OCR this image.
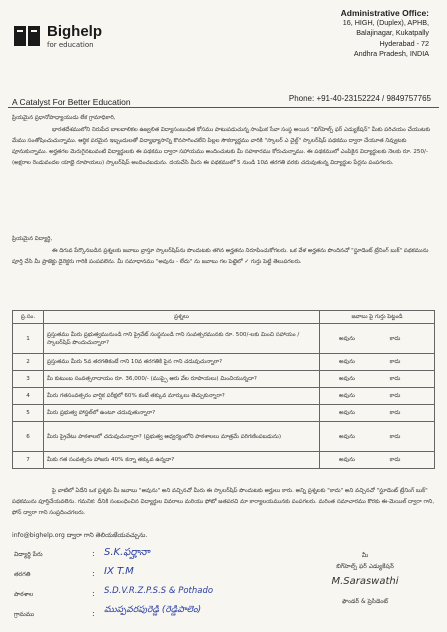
Bighelp
for education
A Catalyst For Better Education
Administrative Office:
16, HIGH, (Duplex), APHB,
Balajinagar, Kukatpally
Hyderabad - 72
Andhra Pradesh, INDIA
Phone: +91-40-23152224 / 9849757765
ప్రియమైన ప్రధానోపాధ్యాయుడు లేక గ్రామాధికారి,
భారతదేశములోని నిరుపేద బాలబాలికల ఉజ్వలిత విద్యాసంబంధిత కోసము పాటుపడుచున్న సాంఘిక సేవా సంస్థ అయిన "బిగ్‌హెల్ప్ ఫర్ ఎడ్యుకేషన్" మీకు పరిచయం చేయుటకు మేము సంతోషించుచున్నాము. ఆర్థిక పరమైన ఇబ్బందులతో విద్యాభ్యాసాన్ని కొనసాగించలేని పిల్లల సౌకర్యార్థము వారికి "స్కాలర్ ఎ చైల్డ్" స్కాలర్‌షిప్ పథకము ద్వారా చేయూత నివ్వుటకు పూనుకున్నాము. అర్హతగల మెరుగైనటువంటి విద్యార్థులకు ఈ పథకము ద్వారా సహాయము అందించుటకు మీ సహకారము కోరుచున్నాము. ఈ పథకములో ఎంపికైన విద్యార్థులకు నెలకు రూ. 250/- (అక్షరాల రెండువందల యాభై రూపాయలు) స్కాలర్‌షిప్ అందించబడును. దయచేసి మీరు ఈ పథకములో 5 నుండి 10వ తరగతి వరకు చదువుతున్న విద్యార్థుల పేర్లను పంపగలరు.
ప్రియమైన విద్యార్థి,
ఈ దిగువ పేర్కొనబడిన ప్రశ్నలకు జవాబు వ్రాస్తూ స్కాలర్‌షిప్‌ను పొందుటకు తగిన అర్హతను నిరూపించుకోగలరు. ఒక వేళ అర్హతను పొందినచో "స్టూడెంట్ ట్రేనింగ్ బుక్" పథకమును పూర్తి చేసి మీ ప్రాజెక్టు డైరెక్టరు గారికి పంపవలెను. మీ సమాధానము "అవును - లేదు" ను జవాబు గల పెట్టెలో ✓ గుర్తు పెట్టి తెలుపగలరు.
ప్ర.సం.	ప్రశ్నలు	జవాబు పై గుర్తు పెట్టండి
1	ప్రస్తుతము మీరు ప్రభుత్వమునుండి గాని ప్రైవేట్ సంస్థనుండి గాని సంవత్సరమునకు రూ. 500/-లకు మించి సహాయం / స్కాలర్‌షిప్ పొందుచున్నారా?	అవును కాదు
2	ప్రస్తుతము మీరు 5వ తరగతికంటే గాని 10వ తరగతికి పైన గాని చదువుచున్నారా?	అవును కాదు
3	మీ కుటుంబ సంవత్సరాదాయం రూ. 36,000/- (ముప్పై ఆరు వేల రూపాయలు) మించియున్నదా?	అవును కాదు
4	మీరు గతసంవత్సరం వార్షిక పరీక్షలో 60% కంటే తక్కువ మార్కులు తెచ్చుకున్నారా?	అవును కాదు
5	మీరు ప్రభుత్వ హాస్టల్‌లో ఉంటూ చదువుతున్నారా?	అవును కాదు
6	మీరు ప్రైవేటు పాఠశాలలో చదువుచున్నారా? (ప్రభుత్వ ఆధ్వర్యంలోని పాఠశాలలు మాత్రమే పరిగణింపబడును)	అవును కాదు
7	మీకు గత సంవత్సరం హాజరు 40% కన్నా తక్కువ ఉన్నదా?	అవును కాదు
పై వాటిలో ఏదేని ఒక ప్రశ్నకు మీ జవాబు "అవును" అని వచ్చినచో మీరు ఈ స్కాలర్‌షిప్ పొందుటకు అర్హులు కారు. అన్ని ప్రశ్నలకు "కాదు" అని వచ్చినచో "స్టూడెంట్ ట్రేనింగ్ బుక్" పథకమును పూర్తిచేయవలెను. గమనిక: దీనికి సంబంధించిన విద్యార్థుల వివరాలు మరియు ఫోటో జతపరచి మా కార్యాలయమునకు పంపగలరు. మరింత సమాచారము కొరకు ఈ-మెయిల్ ద్వారా గాని, ఫోన్ ద్వారా గాని సంప్రదించగలరు.
info@bighelp.org ద్వారా గాని తెలియజేయవచ్చును.
విద్యార్థి పేరు	: S.K.ఫర్హానా
తరగతి	: IX T.M
పాఠశాల	: S.D.V.R.Z.P.S.S & Pothado
గ్రామము	: ముప్పవరపురెడ్డి (రెడ్డిపాలెం)
మీ
బిగ్‌హెల్ప్ ఫర్ ఎడ్యుకేషన్
M.Saraswathi
ఫౌండర్ & ప్రెసిడెంట్
